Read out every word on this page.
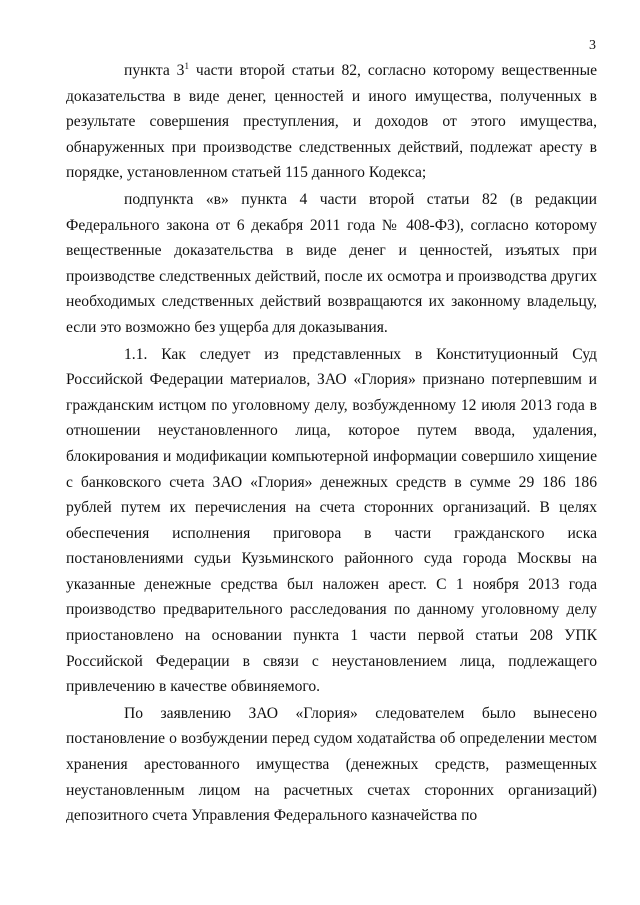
3

пункта $3^1$ части второй статьи 82, согласно которому вещественные доказательства в виде денег, ценностей и иного имущества, полученных в результате совершения преступления, и доходов от этого имущества, обнаруженных при производстве следственных действий, подлежат аресту в порядке, установленном статьей 115 данного Кодекса;

подпункта «в» пункта 4 части второй статьи 82 (в редакции Федерального закона от 6 декабря 2011 года № 408-ФЗ), согласно которому вещественные доказательства в виде денег и ценностей, изъятых при производстве следственных действий, после их осмотра и производства других необходимых следственных действий возвращаются их законному владельцу, если это возможно без ущерба для доказывания.

1.1. Как следует из представленных в Конституционный Суд Российской Федерации материалов, ЗАО «Глория» признано потерпевшим и гражданским истцом по уголовному делу, возбужденному 12 июля 2013 года в отношении неустановленного лица, которое путем ввода, удаления, блокирования и модификации компьютерной информации совершило хищение с банковского счета ЗАО «Глория» денежных средств в сумме 29 186 186 рублей путем их перечисления на счета сторонних организаций. В целях обеспечения исполнения приговора в части гражданского иска постановлениями судьи Кузьминского районного суда города Москвы на указанные денежные средства был наложен арест. С 1 ноября 2013 года производство предварительного расследования по данному уголовному делу приостановлено на основании пункта 1 части первой статьи 208 УПК Российской Федерации в связи с неустановлением лица, подлежащего привлечению в качестве обвиняемого.

По заявлению ЗАО «Глория» следователем было вынесено постановление о возбуждении перед судом ходатайства об определении местом хранения арестованного имущества (денежных средств, размещенных неустановленным лицом на расчетных счетах сторонних организаций) депозитного счета Управления Федерального казначейства по
